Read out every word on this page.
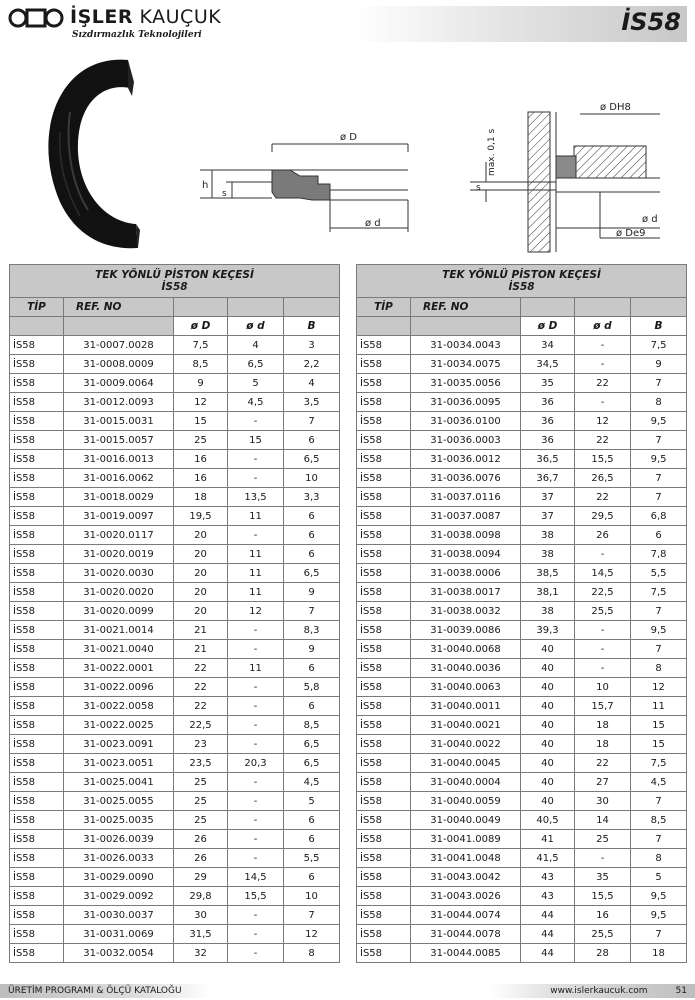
İŞLER KAUÇUK
Sızdırmazlık Teknolojileri	İS58
ø D
ø d
h
s
ø DH8
ø d
ø De9
max. 0,1 s
s
TEK YÖNLÜ PİSTON KEÇESİ
İS58				

TİP	REF. NO			
		ø D	ø d	B
İS58	31-0007.0028	7,5	4	3
İS58	31-0008.0009	8,5	6,5	2,2
İS58	31-0009.0064	9	5	4
İS58	31-0012.0093	12	4,5	3,5
İS58	31-0015.0031	15	-	7
İS58	31-0015.0057	25	15	6
İS58	31-0016.0013	16	-	6,5
İS58	31-0016.0062	16	-	10
İS58	31-0018.0029	18	13,5	3,3
İS58	31-0019.0097	19,5	11	6
İS58	31-0020.0117	20	-	6
İS58	31-0020.0019	20	11	6
İS58	31-0020.0030	20	11	6,5
İS58	31-0020.0020	20	11	9
İS58	31-0020.0099	20	12	7
İS58	31-0021.0014	21	-	8,3
İS58	31-0021.0040	21	-	9
İS58	31-0022.0001	22	11	6
İS58	31-0022.0096	22	-	5,8
İS58	31-0022.0058	22	-	6
İS58	31-0022.0025	22,5	-	8,5
İS58	31-0023.0091	23	-	6,5
İS58	31-0023.0051	23,5	20,3	6,5
İS58	31-0025.0041	25	-	4,5
İS58	31-0025.0055	25	-	5
İS58	31-0025.0035	25	-	6
İS58	31-0026.0039	26	-	6
İS58	31-0026.0033	26	-	5,5
İS58	31-0029.0090	29	14,5	6
İS58	31-0029.0092	29,8	15,5	10
İS58	31-0030.0037	30	-	7
İS58	31-0031.0069	31,5	-	12
İS58	31-0032.0054	32	-	8
TEK YÖNLÜ PİSTON KEÇESİ
İS58				

TİP	REF. NO			
		ø D	ø d	B
İS58	31-0034.0043	34	-	7,5
İS58	31-0034.0075	34,5	-	9
İS58	31-0035.0056	35	22	7
İS58	31-0036.0095	36	-	8
İS58	31-0036.0100	36	12	9,5
İS58	31-0036.0003	36	22	7
İS58	31-0036.0012	36,5	15,5	9,5
İS58	31-0036.0076	36,7	26,5	7
İS58	31-0037.0116	37	22	7
İS58	31-0037.0087	37	29,5	6,8
İS58	31-0038.0098	38	26	6
İS58	31-0038.0094	38	-	7,8
İS58	31-0038.0006	38,5	14,5	5,5
İS58	31-0038.0017	38,1	22,5	7,5
İS58	31-0038.0032	38	25,5	7
İS58	31-0039.0086	39,3	-	9,5
İS58	31-0040.0068	40	-	7
İS58	31-0040.0036	40	-	8
İS58	31-0040.0063	40	10	12
İS58	31-0040.0011	40	15,7	11
İS58	31-0040.0021	40	18	15
İS58	31-0040.0022	40	18	15
İS58	31-0040.0045	40	22	7,5
İS58	31-0040.0004	40	27	4,5
İS58	31-0040.0059	40	30	7
İS58	31-0040.0049	40,5	14	8,5
İS58	31-0041.0089	41	25	7
İS58	31-0041.0048	41,5	-	8
İS58	31-0043.0042	43	35	5
İS58	31-0043.0026	43	15,5	9,5
İS58	31-0044.0074	44	16	9,5
İS58	31-0044.0078	44	25,5	7
İS58	31-0044.0085	44	28	18
ÜRETİM PROGRAMI & ÖLÇÜ KATALOĞU	www.islerkaucuk.com	51
